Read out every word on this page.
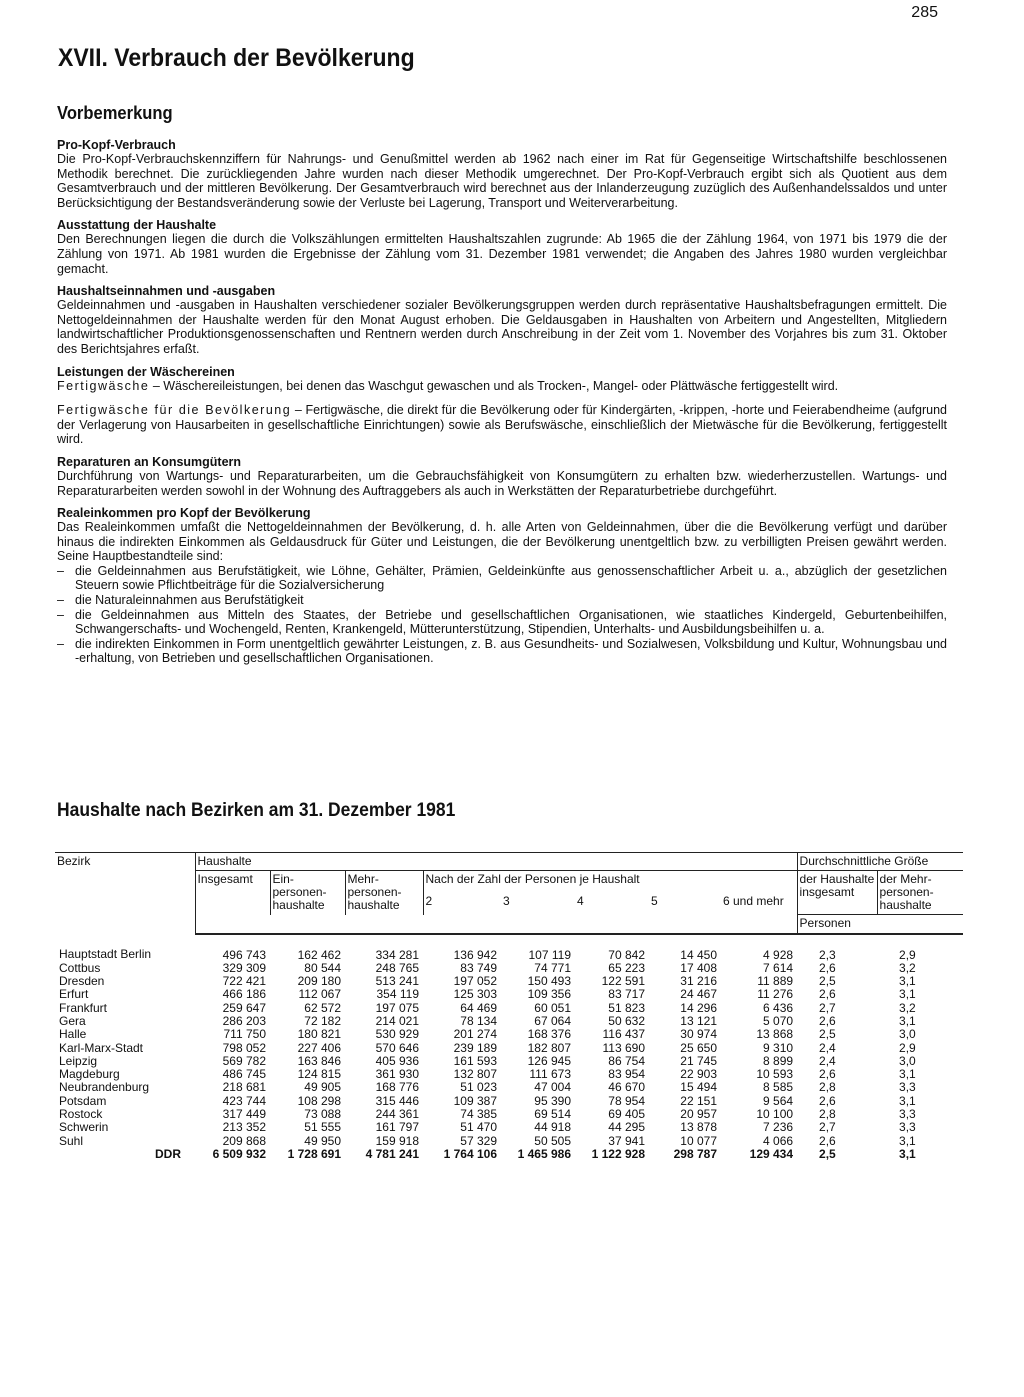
285
XVII. Verbrauch der Bevölkerung
Vorbemerkung
Pro-Kopf-Verbrauch

Die Pro-Kopf-Verbrauchskennziffern für Nahrungs- und Genußmittel werden ab 1962 nach einer im Rat für Gegenseitige Wirtschaftshilfe beschlossenen Methodik berechnet. Die zurückliegenden Jahre wurden nach dieser Methodik umgerechnet. Der Pro-Kopf-Verbrauch ergibt sich als Quotient aus dem Gesamtverbrauch und der mittleren Bevölkerung. Der Gesamtverbrauch wird berechnet aus der Inlanderzeugung zuzüglich des Außenhandelssaldos und unter Berücksichtigung der Bestandsveränderung sowie der Verluste bei Lagerung, Transport und Weiterverarbeitung.

Ausstattung der Haushalte

Den Berechnungen liegen die durch die Volkszählungen ermittelten Haushaltszahlen zugrunde: Ab 1965 die der Zählung 1964, von 1971 bis 1979 die der Zählung von 1971. Ab 1981 wurden die Ergebnisse der Zählung vom 31. Dezember 1981 verwendet; die Angaben des Jahres 1980 wurden vergleichbar gemacht.

Haushaltseinnahmen und -ausgaben

Geldeinnahmen und -ausgaben in Haushalten verschiedener sozialer Bevölkerungsgruppen werden durch repräsentative Haushaltsbefragungen ermittelt. Die Nettogeldeinnahmen der Haushalte werden für den Monat August erhoben. Die Geldausgaben in Haushalten von Arbeitern und Angestellten, Mitgliedern landwirtschaftlicher Produktionsgenossenschaften und Rentnern werden durch Anschreibung in der Zeit vom 1. November des Vorjahres bis zum 31. Oktober des Berichtsjahres erfaßt.

Leistungen der Wäschereinen

Fertigwäsche – Wäschereileistungen, bei denen das Waschgut gewaschen und als Trocken-, Mangel- oder Plättwäsche fertiggestellt wird.

Fertigwäsche für die Bevölkerung – Fertigwäsche, die direkt für die Bevölkerung oder für Kindergärten, -krippen, -horte und Feierabendheime (aufgrund der Verlagerung von Hausarbeiten in gesellschaftliche Einrichtungen) sowie als Berufswäsche, einschließlich der Mietwäsche für die Bevölkerung, fertiggestellt wird.

Reparaturen an Konsumgütern

Durchführung von Wartungs- und Reparaturarbeiten, um die Gebrauchsfähigkeit von Konsumgütern zu erhalten bzw. wiederherzustellen. Wartungs- und Reparaturarbeiten werden sowohl in der Wohnung des Auftraggebers als auch in Werkstätten der Reparaturbetriebe durchgeführt.

Realeinkommen pro Kopf der Bevölkerung

Das Realeinkommen umfaßt die Nettogeldeinnahmen der Bevölkerung, d. h. alle Arten von Geldeinnahmen, über die die Bevölkerung verfügt und darüber hinaus die indirekten Einkommen als Geldausdruck für Güter und Leistungen, die der Bevölkerung unentgeltlich bzw. zu verbilligten Preisen gewährt werden. Seine Hauptbestandteile sind:

– die Geldeinnahmen aus Berufstätigkeit, wie Löhne, Gehälter, Prämien, Geldeinkünfte aus genossenschaftlicher Arbeit u. a., abzüglich der gesetzlichen Steuern sowie Pflichtbeiträge für die Sozialversicherung
– die Naturaleinnahmen aus Berufstätigkeit
– die Geldeinnahmen aus Mitteln des Staates, der Betriebe und gesellschaftlichen Organisationen, wie staatliches Kindergeld, Geburtenbeihilfen, Schwangerschafts- und Wochengeld, Renten, Krankengeld, Mütterunterstützung, Stipendien, Unterhalts- und Ausbildungsbeihilfen u. a.
– die indirekten Einkommen in Form unentgeltlich gewährter Leistungen, z. B. aus Gesundheits- und Sozialwesen, Volksbildung und Kultur, Wohnungsbau und -erhaltung, von Betrieben und gesellschaftlichen Organisationen.
Haushalte nach Bezirken am 31. Dezember 1981
Bezirk	Haushalte								Durchschnittliche Größe	
	Insgesamt	Ein-personen-haushalte	Mehr-personen-haushalte	Nach der Zahl der Personen je Haushalt					der Haushalte insgesamt	der Mehr-personen-haushalte
				2	3	4	5	6 und mehr		
									Personen	
Hauptstadt Berlin	496 743	162 462	334 281	136 942	107 119	70 842	14 450	4 928	2,3	2,9
Cottbus	329 309	80 544	248 765	83 749	74 771	65 223	17 408	7 614	2,6	3,2
Dresden	722 421	209 180	513 241	197 052	150 493	122 591	31 216	11 889	2,5	3,1
Erfurt	466 186	112 067	354 119	125 303	109 356	83 717	24 467	11 276	2,6	3,1
Frankfurt	259 647	62 572	197 075	64 469	60 051	51 823	14 296	6 436	2,7	3,2
Gera	286 203	72 182	214 021	78 134	67 064	50 632	13 121	5 070	2,6	3,1
Halle	711 750	180 821	530 929	201 274	168 376	116 437	30 974	13 868	2,5	3,0
Karl-Marx-Stadt	798 052	227 406	570 646	239 189	182 807	113 690	25 650	9 310	2,4	2,9
Leipzig	569 782	163 846	405 936	161 593	126 945	86 754	21 745	8 899	2,4	3,0
Magdeburg	486 745	124 815	361 930	132 807	111 673	83 954	22 903	10 593	2,6	3,1
Neubrandenburg	218 681	49 905	168 776	51 023	47 004	46 670	15 494	8 585	2,8	3,3
Potsdam	423 744	108 298	315 446	109 387	95 390	78 954	22 151	9 564	2,6	3,1
Rostock	317 449	73 088	244 361	74 385	69 514	69 405	20 957	10 100	2,8	3,3
Schwerin	213 352	51 555	161 797	51 470	44 918	44 295	13 878	7 236	2,7	3,3
Suhl	209 868	49 950	159 918	57 329	50 505	37 941	10 077	4 066	2,6	3,1
DDR	6 509 932	1 728 691	4 781 241	1 764 106	1 465 986	1 122 928	298 787	129 434	2,5	3,1
